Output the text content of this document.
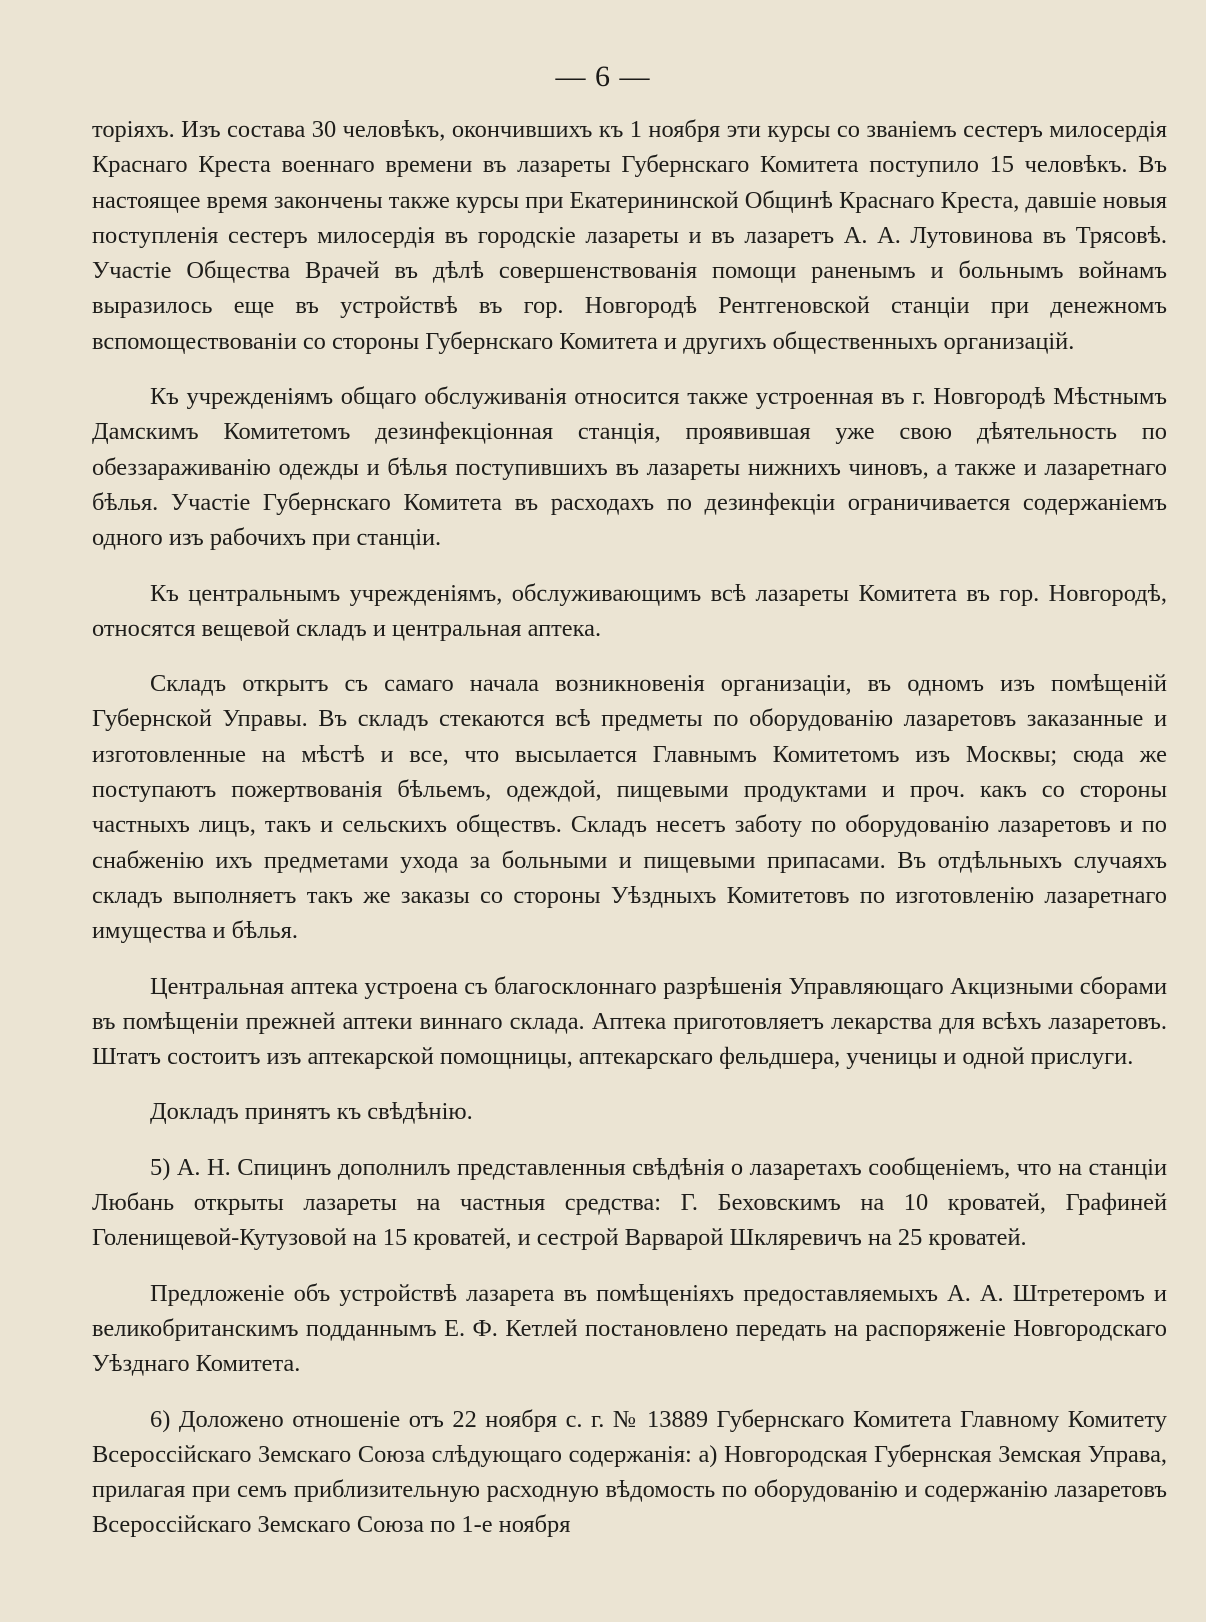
— 6 —

торіяхъ. Изъ состава 30 человѣкъ, окончившихъ къ 1 ноября эти курсы со званіемъ сестеръ милосердія Краснаго Креста военнаго времени въ лазареты Губернскаго Комитета поступило 15 человѣкъ. Въ настоящее время закончены также курсы при Екатерининской Общинѣ Краснаго Креста, давшіе новыя поступленія сестеръ милосердія въ городскіе лазареты и въ лазаретъ А. А. Лутовинова въ Трясовѣ. Участіе Общества Врачей въ дѣлѣ совершенствованія помощи раненымъ и больнымъ войнамъ выразилось еще въ устройствѣ въ гор. Новгородѣ Рентгеновской станціи при денежномъ вспомоществованіи со стороны Губернскаго Комитета и другихъ общественныхъ организацій.

Къ учрежденіямъ общаго обслуживанія относится также устроенная въ г. Новгородѣ Мѣстнымъ Дамскимъ Комитетомъ дезинфекціонная станція, проявившая уже свою дѣятельность по обеззараживанію одежды и бѣлья поступившихъ въ лазареты нижнихъ чиновъ, а также и лазаретнаго бѣлья. Участіе Губернскаго Комитета въ расходахъ по дезинфекціи ограничивается содержаніемъ одного изъ рабочихъ при станціи.

Къ центральнымъ учрежденіямъ, обслуживающимъ всѣ лазареты Комитета въ гор. Новгородѣ, относятся вещевой складъ и центральная аптека.

Складъ открытъ съ самаго начала возникновенія организаціи, въ одномъ изъ помѣщеній Губернской Управы. Въ складъ стекаются всѣ предметы по оборудованію лазаретовъ заказанные и изготовленные на мѣстѣ и все, что высылается Главнымъ Комитетомъ изъ Москвы; сюда же поступаютъ пожертвованія бѣльемъ, одеждой, пищевыми продуктами и проч. какъ со стороны частныхъ лицъ, такъ и сельскихъ обществъ. Складъ несетъ заботу по оборудованію лазаретовъ и по снабженію ихъ предметами ухода за больными и пищевыми припасами. Въ отдѣльныхъ случаяхъ складъ выполняетъ такъ же заказы со стороны Уѣздныхъ Комитетовъ по изготовленію лазаретнаго имущества и бѣлья.

Центральная аптека устроена съ благосклоннаго разрѣшенія Управляющаго Акцизными сборами въ помѣщеніи прежней аптеки виннаго склада. Аптека приготовляетъ лекарства для всѣхъ лазаретовъ. Штатъ состоитъ изъ аптекарской помощницы, аптекарскаго фельдшера, ученицы и одной прислуги.

Докладъ принятъ къ свѣдѣнію.

5) А. Н. Спицинъ дополнилъ представленныя свѣдѣнія о лазаретахъ сообщеніемъ, что на станціи Любань открыты лазареты на частныя средства: Г. Беховскимъ на 10 кроватей, Графиней Голенищевой-Кутузовой на 15 кроватей, и сестрой Варварой Шкляревичъ на 25 кроватей.

Предложеніе объ устройствѣ лазарета въ помѣщеніяхъ предоставляемыхъ А. А. Штретеромъ и великобританскимъ подданнымъ Е. Ф. Кетлей постановлено передать на распоряженіе Новгородскаго Уѣзднаго Комитета.

6) Доложено отношеніе отъ 22 ноября с. г. № 13889 Губернскаго Комитета Главному Комитету Всероссійскаго Земскаго Союза слѣдующаго содержанія: а) Новгородская Губернская Земская Управа, прилагая при семъ приблизительную расходную вѣдомость по оборудованію и содержанію лазаретовъ Всероссійскаго Земскаго Союза по 1-е ноября
